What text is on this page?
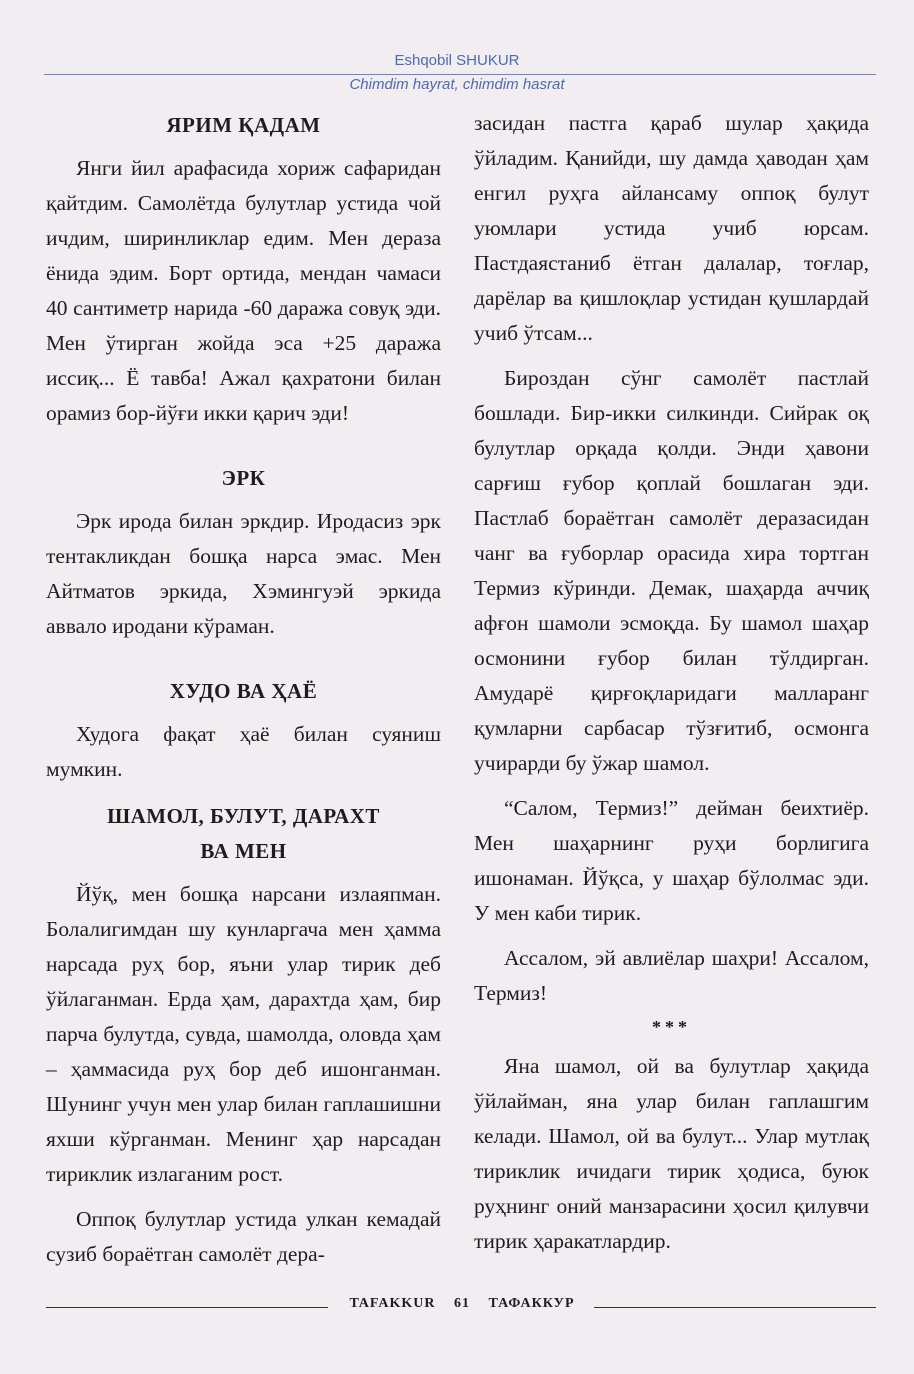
Eshqobil SHUKUR
Chimdim hayrat, chimdim hasrat
ЯРИМ ҚАДАМ

Янги йил арафасида хориж сафаридан қайтдим. Самолётда булутлар устида чой ичдим, ширинликлар едим. Мен дераза ёнида эдим. Борт ортида, мендан чамаси 40 сантиметр нарида -60 даража совуқ эди. Мен ўтирган жойда эса +25 даража иссиқ... Ё тавба! Ажал қахратони билан орамиз бор-йўғи икки қарич эди!

ЭРК

Эрк ирода билан эркдир. Иродасиз эрк тентакликдан бошқа нарса эмас. Мен Айтматов эркида, Хэмингуэй эркида аввало иродани кўраман.

ХУДО ВА ҲАЁ

Худога фақат ҳаё билан суяниш мумкин.

ШАМОЛ, БУЛУТ, ДАРАХТ
ВА МЕН

Йўқ, мен бошқа нарсани излаяпман. Болалигимдан шу кунларгача мен ҳамма нарсада руҳ бор, яъни улар тирик деб ўйлаганман. Ерда ҳам, дарахтда ҳам, бир парча булутда, сувда, шамолда, оловда ҳам – ҳаммасида руҳ бор деб ишонганман. Шунинг учун мен улар билан гаплашишни яхши кўрганман. Менинг ҳар нарсадан тириклик излаганим рост.

Оппоқ булутлар устида улкан кемадай сузиб бораётган самолёт дера-

засидан пастга қараб шулар ҳақида ўйладим. Қанийди, шу дамда ҳаводан ҳам енгил руҳга айлансаму оппоқ булут уюмлари устида учиб юрсам. Пастдаястаниб ётган далалар, тоғлар, дарёлар ва қишлоқлар устидан қушлардай учиб ўтсам...

Бироздан сўнг самолёт пастлай бошлади. Бир-икки силкинди. Сийрак оқ булутлар орқада қолди. Энди ҳавони сарғиш ғубор қоплай бошлаган эди. Пастлаб бораётган самолёт деразасидан чанг ва ғуборлар орасида хира тортган Термиз кўринди. Демак, шаҳарда аччиқ афғон шамоли эсмоқда. Бу шамол шаҳар осмонини ғубор билан тўлдирган. Амударё қирғоқларидаги малларанг қумларни сарбасар тўзғитиб, осмонга учирарди бу ўжар шамол.

“Салом, Термиз!” дейман беихтиёр. Мен шаҳарнинг руҳи борлигига ишонаман. Йўқса, у шаҳар бўлолмас эди. У мен каби тирик.

Ассалом, эй авлиёлар шаҳри! Ассалом, Термиз!

***

Яна шамол, ой ва булутлар ҳақида ўйлайман, яна улар билан гаплашгим келади. Шамол, ой ва булут... Улар мутлақ тириклик ичидаги тирик ҳодиса, буюк руҳнинг оний манзарасини ҳосил қилувчи тирик ҳаракатлардир.

TAFAKKUR 61 ТАФАККУР
